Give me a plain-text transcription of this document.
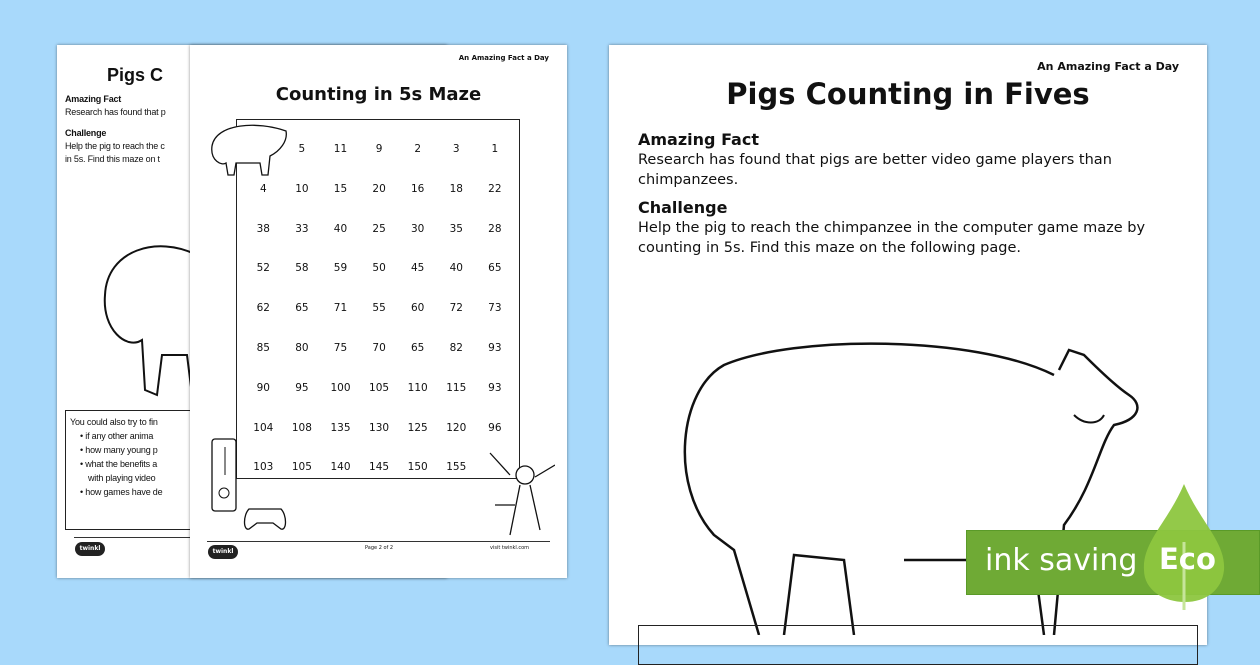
Pigs C
Amazing Fact
Research has found that p
Challenge
Help the pig to reach the c
in 5s. Find this maze on t
You could also try to fin
• if any other anima
• how many young p
• what the benefits a
with playing video
• how games have de
twinkl
An Amazing Fact a Day
Counting in 5s Maze
5	11	9	2	3	1
4	10	15	20	16	18	22
38	33	40	25	30	35	28
52	58	59	50	45	40	65
62	65	71	55	60	72	73
85	80	75	70	65	82	93
90	95	100	105	110	115	93
104	108	135	130	125	120	96
103	105	140	145	150	155
twinkl	Page 2 of 2	visit twinkl.com
An Amazing Fact a Day
Pigs Counting in Fives
Amazing Fact
Research has found that pigs are better video game players than chimpanzees.
Challenge
Help the pig to reach the chimpanzee in the computer game maze by counting in 5s. Find this maze on the following page.
ink saving Eco
